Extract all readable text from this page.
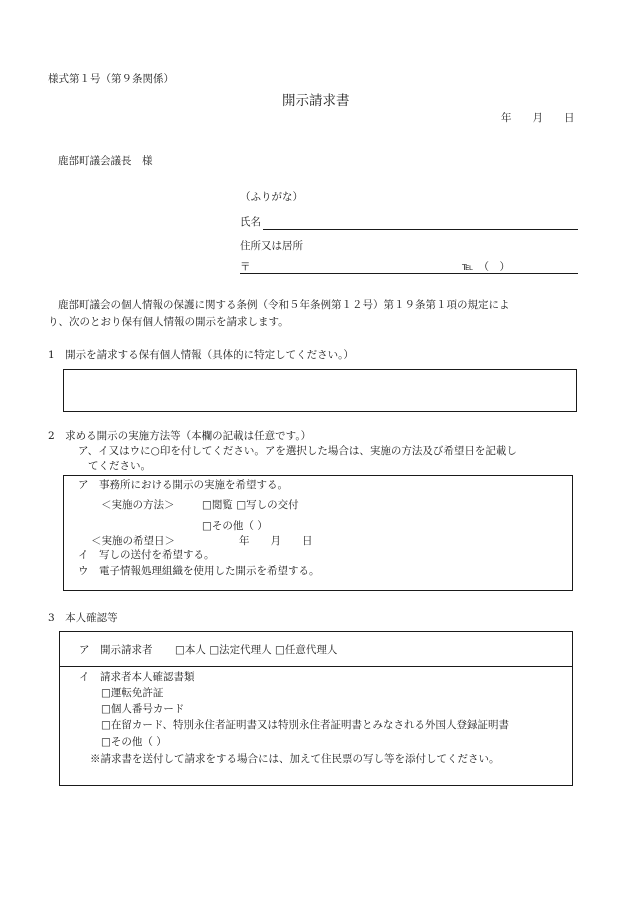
様式第１号（第９条関係）
開示請求書
年　　月　　日
鹿部町議会議長　様
（ふりがな）
氏名
住所又は居所
〒	℡　（　）
鹿部町議会の個人情報の保護に関する条例（令和５年条例第１２号）第１９条第１項の規定によ
り、次のとおり保有個人情報の開示を請求します。
1　開示を請求する保有個人情報（具体的に特定してください。）
2　求める開示の実施方法等（本欄の記載は任意です。）
ア、イ又はウに○印を付してください。アを選択した場合は、実施の方法及び希望日を記載し
てください。
ア　事務所における開示の実施を希望する。
＜実施の方法＞	□閲覧 □写しの交付
□その他（ ）
＜実施の希望日＞	年　　月　　日
イ　写しの送付を希望する。
ウ　電子情報処理組織を使用した開示を希望する。
3　本人確認等
ア　開示請求者 □本人 □法定代理人 □任意代理人
イ　請求者本人確認書類
□運転免許証
□個人番号カード
□在留カード、特別永住者証明書又は特別永住者証明書とみなされる外国人登録証明書
□その他（ ）
※請求書を送付して請求をする場合には、加えて住民票の写し等を添付してください。
